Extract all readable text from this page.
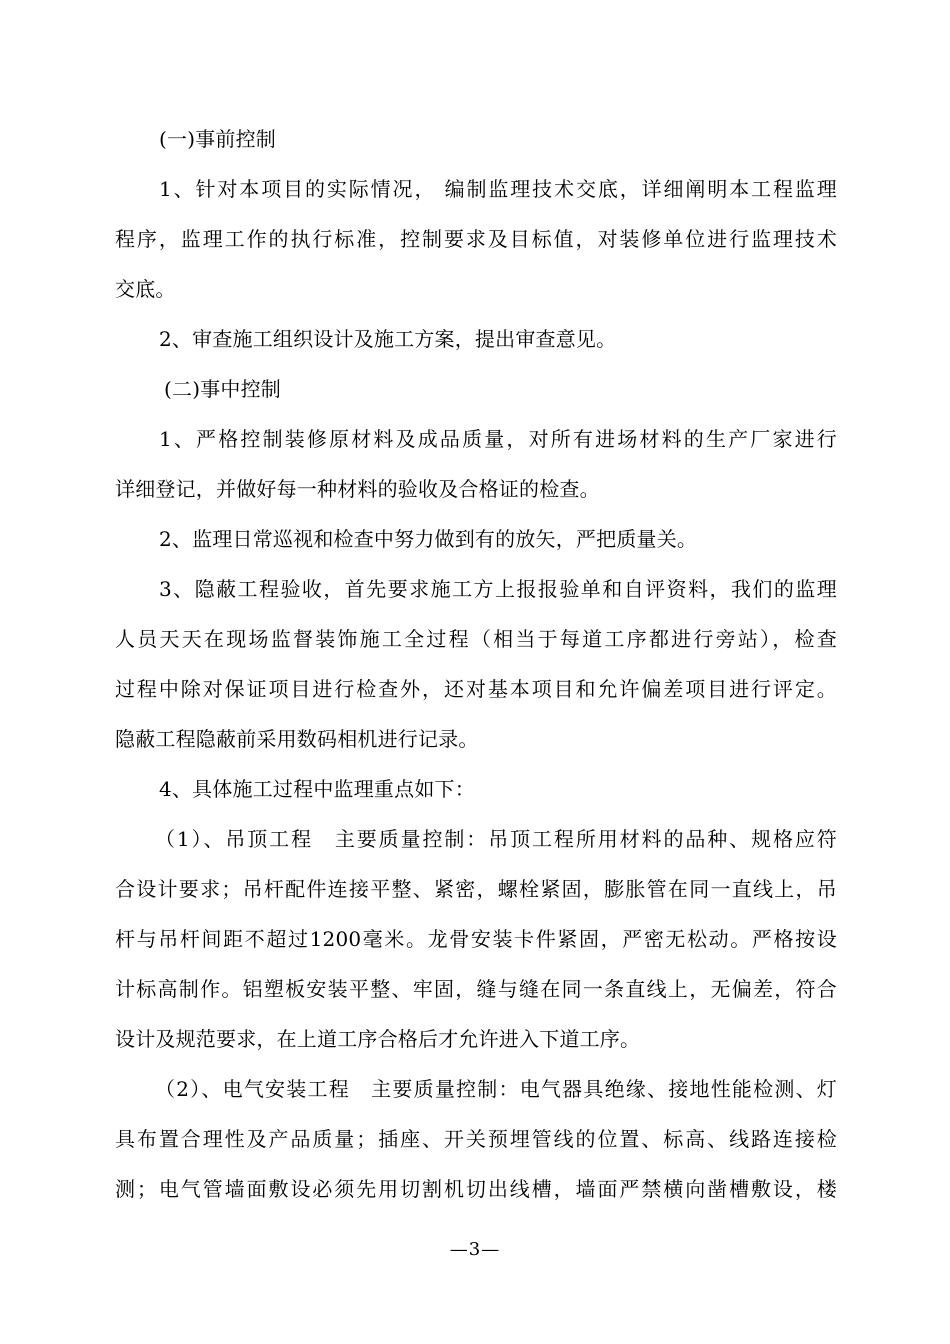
(一)事前控制
1、针对本项目的实际情况， 编制监理技术交底，详细阐明本工程监理
程序，监理工作的执行标准，控制要求及目标值，对装修单位进行监理技术
交底。
2、审查施工组织设计及施工方案，提出审查意见。
(二)事中控制
1、严格控制装修原材料及成品质量，对所有进场材料的生产厂家进行
详细登记，并做好每一种材料的验收及合格证的检查。
2、监理日常巡视和检查中努力做到有的放矢，严把质量关。
3、隐蔽工程验收，首先要求施工方上报报验单和自评资料，我们的监理
人员天天在现场监督装饰施工全过程（相当于每道工序都进行旁站），检查
过程中除对保证项目进行检查外，还对基本项目和允许偏差项目进行评定。
隐蔽工程隐蔽前采用数码相机进行记录。
4、具体施工过程中监理重点如下：
（1）、吊顶工程　主要质量控制：吊顶工程所用材料的品种、规格应符
合设计要求；吊杆配件连接平整、紧密，螺栓紧固，膨胀管在同一直线上，吊
杆与吊杆间距不超过1200毫米。龙骨安装卡件紧固，严密无松动。严格按设
计标高制作。铝塑板安装平整、牢固，缝与缝在同一条直线上，无偏差，符合
设计及规范要求，在上道工序合格后才允许进入下道工序。
（2）、电气安装工程　主要质量控制：电气器具绝缘、接地性能检测、灯
具布置合理性及产品质量；插座、开关预埋管线的位置、标高、线路连接检
测；电气管墙面敷设必须先用切割机切出线槽，墙面严禁横向凿槽敷设，楼
—3—
